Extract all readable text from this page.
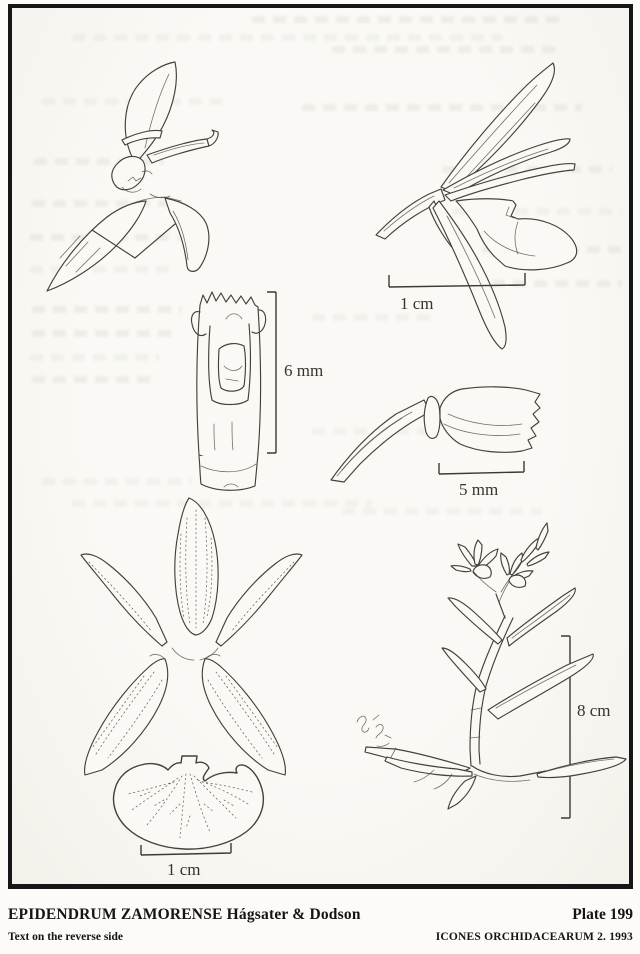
1 cm
6 mm
5 mm
1 cm
8 cm
EPIDENDRUM ZAMORENSE Hágsater & Dodson	Plate 199
Text on the reverse side	ICONES ORCHIDACEARUM 2. 1993
